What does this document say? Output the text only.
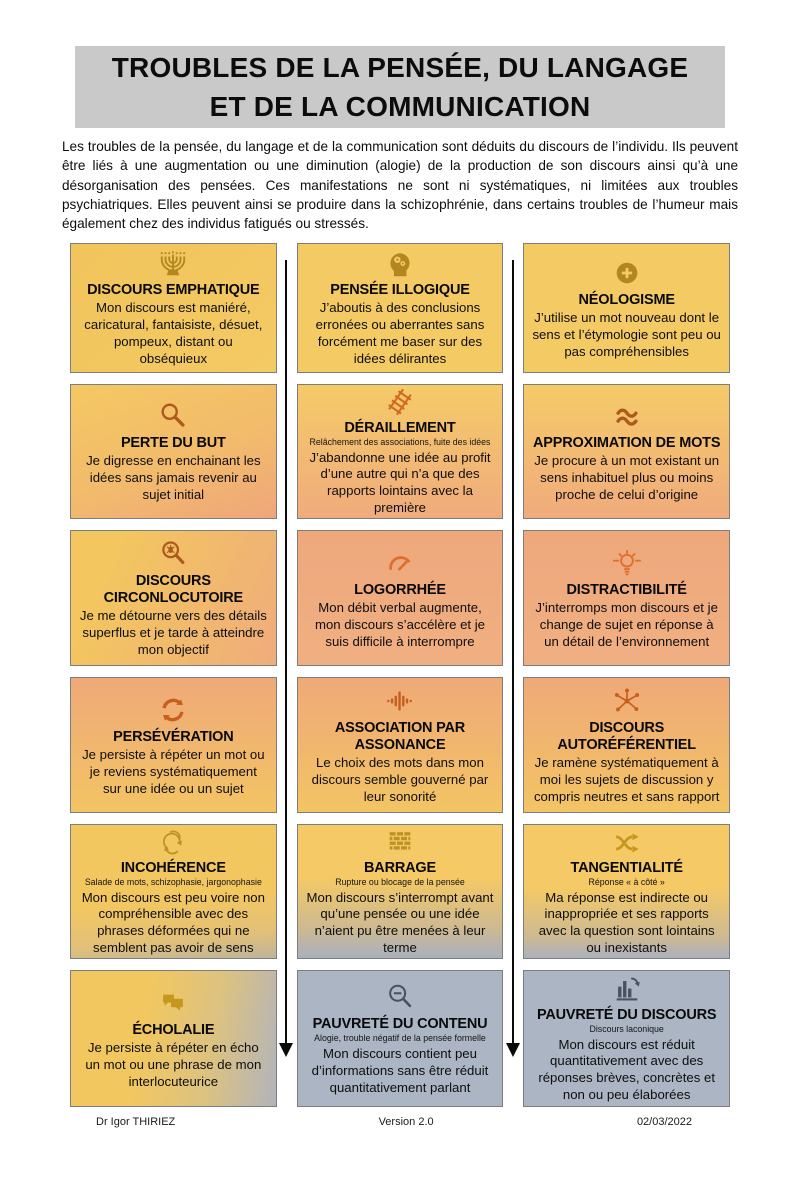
TROUBLES DE LA PENSÉE, DU LANGAGE
ET DE LA COMMUNICATION

Les troubles de la pensée, du langage et de la communication sont déduits du discours de l’individu. Ils peuvent être liés à une augmentation ou une diminution (alogie) de la production de son discours ainsi qu’à une désorganisation des pensées. Ces manifestations ne sont ni systématiques, ni limitées aux troubles psychiatriques. Elles peuvent ainsi se produire dans la schizophrénie, dans certains troubles de l’humeur mais également chez des individus fatigués ou stressés.

DISCOURS EMPHATIQUE
Mon discours est maniéré, caricatural, fantaisiste, désuet, pompeux, distant ou obséquieux
PENSÉE ILLOGIQUE
J’aboutis à des conclusions erronées ou aberrantes sans forcément me baser sur des idées délirantes
NÉOLOGISME
J’utilise un mot nouveau dont le sens et l’étymologie sont peu ou pas compréhensibles
PERTE DU BUT
Je digresse en enchainant les idées sans jamais revenir au sujet initial
DÉRAILLEMENT
Relâchement des associations, fuite des idées
J’abandonne une idée au profit d’une autre qui n’a que des rapports lointains avec la première
APPROXIMATION DE MOTS
Je procure à un mot existant un sens inhabituel plus ou moins proche de celui d’origine
DISCOURS CIRCONLOCUTOIRE
Je me détourne vers des détails superflus et je tarde à atteindre mon objectif
LOGORRHÉE
Mon débit verbal augmente, mon discours s’accélère et je suis difficile à interrompre
DISTRACTIBILITÉ
J’interromps mon discours et je change de sujet en réponse à un détail de l’environnement
PERSÉVÉRATION
Je persiste à répéter un mot ou je reviens systématiquement sur une idée ou un sujet
ASSOCIATION PAR ASSONANCE
Le choix des mots dans mon discours semble gouverné par leur sonorité
DISCOURS AUTORÉFÉRENTIEL
Je ramène systématiquement à moi les sujets de discussion y compris neutres et sans rapport
INCOHÉRENCE
Salade de mots, schizophasie, jargonophasie
Mon discours est peu voire non compréhensible avec des phrases déformées qui ne semblent pas avoir de sens
BARRAGE
Rupture ou blocage de la pensée
Mon discours s’interrompt avant qu’une pensée ou une idée n’aient pu être menées à leur terme
TANGENTIALITÉ
Réponse « à côté »
Ma réponse est indirecte ou inappropriée et ses rapports avec la question sont lointains ou inexistants
ÉCHOLALIE
Je persiste à répéter en écho un mot ou une phrase de mon interlocuteurice
PAUVRETÉ DU CONTENU
Alogie, trouble négatif de la pensée formelle
Mon discours contient peu d’informations sans être réduit quantitativement parlant
PAUVRETÉ DU DISCOURS
Discours laconique
Mon discours est réduit quantitativement avec des réponses brèves, concrètes et non ou peu élaborées
Dr Igor THIRIEZ	Version 2.0	02/03/2022
